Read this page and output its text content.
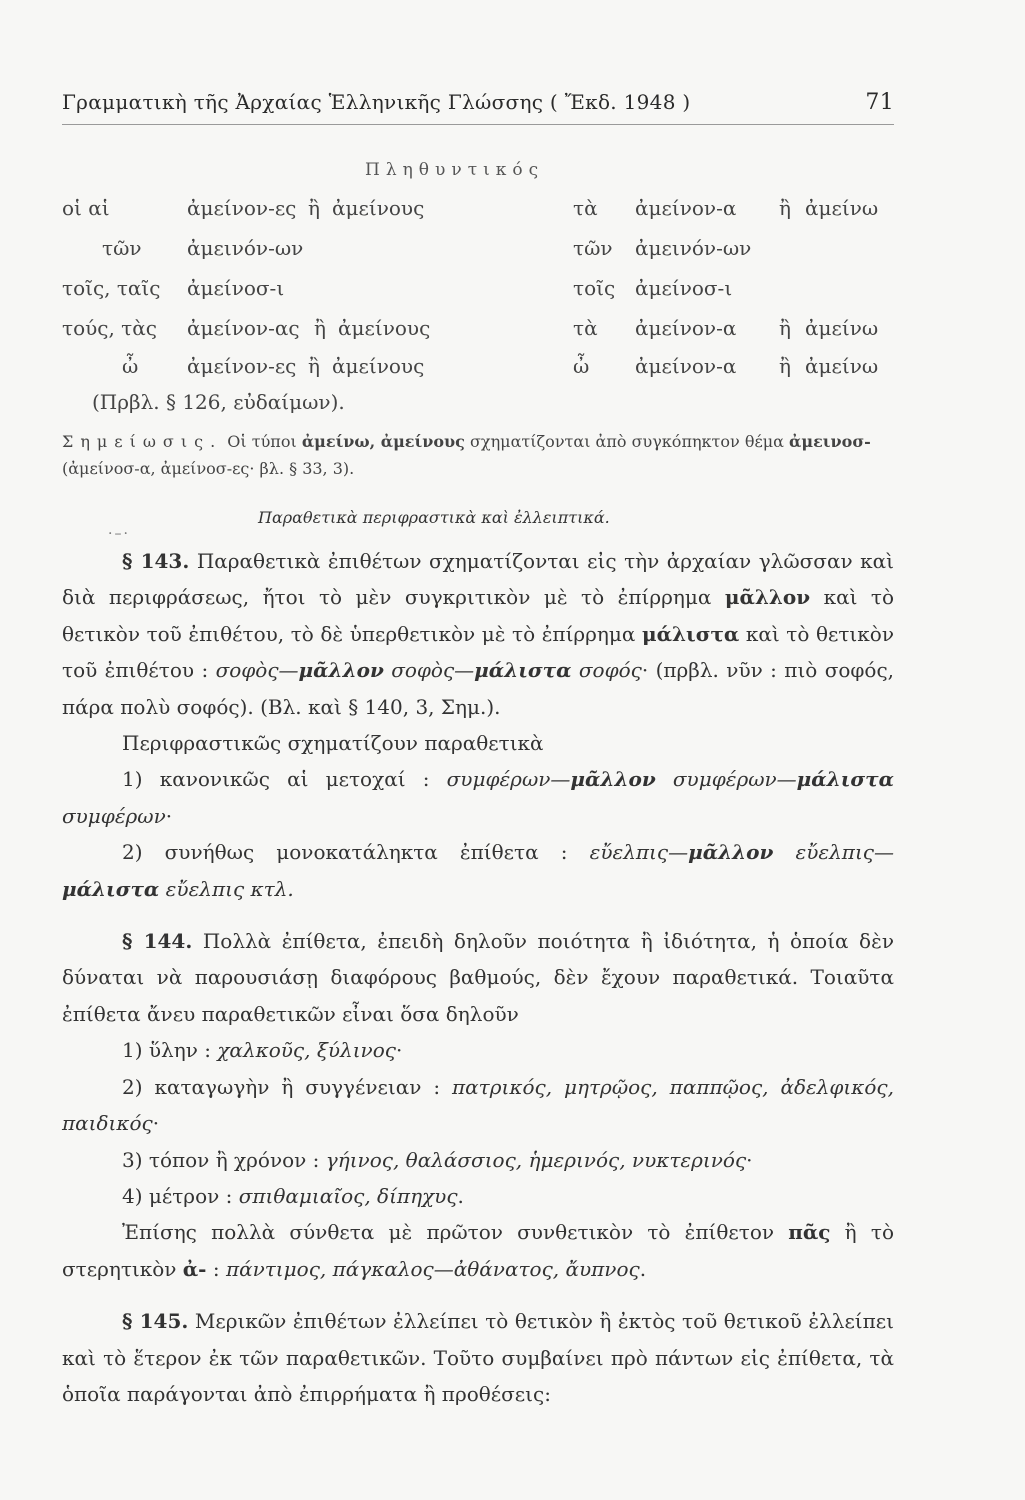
Γραμματικὴ τῆς Ἀρχαίας Ἑλληνικῆς Γλώσσης ( Ἔκδ. 1948 )	71
Πληθυντικός
οἱ αἱ	ἀμείνον-ες ἢ ἀμείνους
τῶν ἀμεινόν-ων
τοῖς, ταῖς ἀμείνοσ-ι
τούς, τὰς ἀμείνον-ας ἢ ἀμείνους
ὦ ἀμείνον-ες ἢ ἀμείνους
τὰ ἀμείνον-α ἢ ἀμείνω
τῶν ἀμεινόν-ων
τοῖς ἀμείνοσ-ι
τὰ ἀμείνον-α ἢ ἀμείνω
ὦ ἀμείνον-α ἢ ἀμείνω
(Πρβλ. § 126, εὐδαίμων).
Σημείωσις. Οἱ τύποι ἀμείνω, ἀμείνους σχηματίζονται ἀπὸ συγκόπηκτον θέμα ἀμεινοσ- (ἀμείνοσ-α, ἀμείνοσ-ες· βλ. § 33, 3).
Παραθετικὰ περιφραστικὰ καὶ ἐλλειπτικά.
·–·

§ 143. Παραθετικὰ ἐπιθέτων σχηματίζονται εἰς τὴν ἀρχαίαν γλῶσσαν καὶ διὰ περιφράσεως, ἤτοι τὸ μὲν συγκριτικὸν μὲ τὸ ἐπίρρημα μᾶλλον καὶ τὸ θετικὸν τοῦ ἐπιθέτου, τὸ δὲ ὑπερθετικὸν μὲ τὸ ἐπίρρημα μάλιστα καὶ τὸ θετικὸν τοῦ ἐπιθέτου : σοφὸς—μᾶλλον σοφὸς—μάλιστα σοφός· (πρβλ. νῦν : πιὸ σοφός, πάρα πολὺ σοφός). (Βλ. καὶ § 140, 3, Σημ.).

Περιφραστικῶς σχηματίζουν παραθετικὰ

1) κανονικῶς αἱ μετοχαί : συμφέρων—μᾶλλον συμφέρων—μάλιστα συμφέρων·

2) συνήθως μονοκατάληκτα ἐπίθετα : εὔελπις—μᾶλλον εὔελπις—μάλιστα εὔελπις κτλ.

§ 144. Πολλὰ ἐπίθετα, ἐπειδὴ δηλοῦν ποιότητα ἢ ἰδιότητα, ἡ ὁποία δὲν δύναται νὰ παρουσιάσῃ διαφόρους βαθμούς, δὲν ἔχουν παραθετικά. Τοιαῦτα ἐπίθετα ἄνευ παραθετικῶν εἶναι ὅσα δηλοῦν

1) ὕλην : χαλκοῦς, ξύλινος·

2) καταγωγὴν ἢ συγγένειαν : πατρικός, μητρῷος, παππῷος, ἀδελφικός, παιδικός·

3) τόπον ἢ χρόνον : γήινος, θαλάσσιος, ἡμερινός, νυκτερινός·

4) μέτρον : σπιθαμιαῖος, δίπηχυς.

Ἐπίσης πολλὰ σύνθετα μὲ πρῶτον συνθετικὸν τὸ ἐπίθετον πᾶς ἢ τὸ στερητικὸν ἀ- : πάντιμος, πάγκαλος—ἀθάνατος, ἄυπνος.

§ 145. Μερικῶν ἐπιθέτων ἐλλείπει τὸ θετικὸν ἢ ἐκτὸς τοῦ θετικοῦ ἐλλείπει καὶ τὸ ἕτερον ἐκ τῶν παραθετικῶν. Τοῦτο συμβαίνει πρὸ πάντων εἰς ἐπίθετα, τὰ ὁποῖα παράγονται ἀπὸ ἐπιρρήματα ἢ προθέσεις:
